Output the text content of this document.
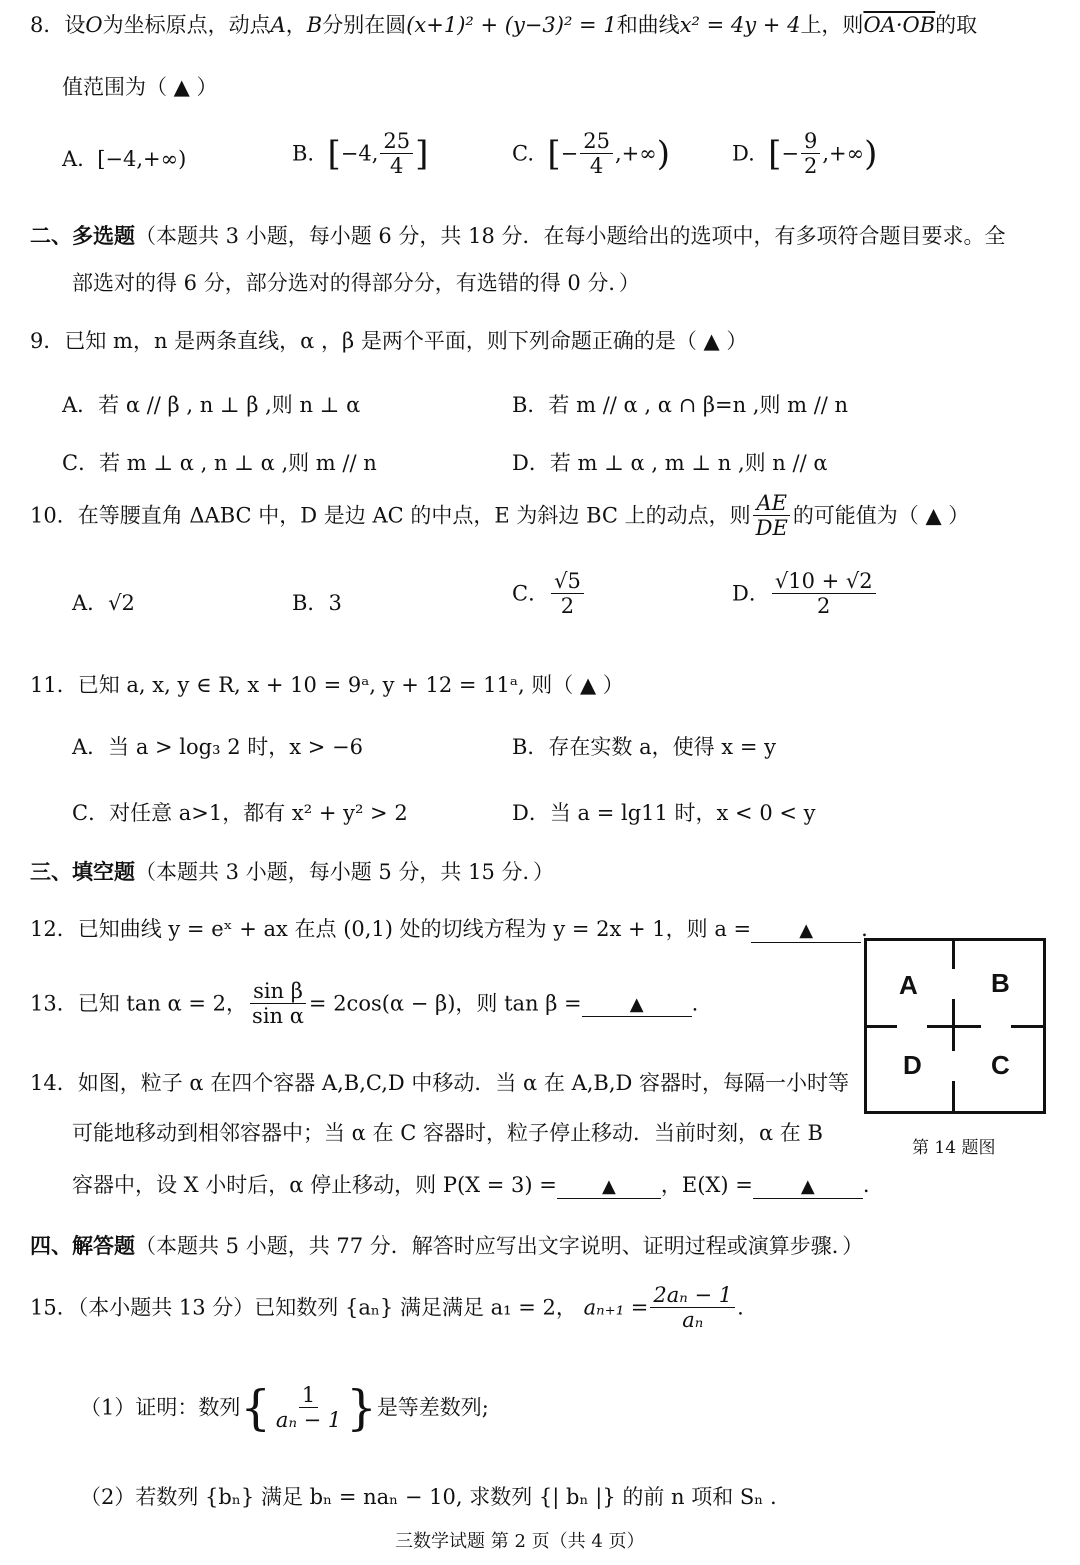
8．设O为坐标原点，动点A，B分别在圆(x+1)² + (y−3)² = 1和曲线x² = 4y + 4上，则OA·OB的取
值范围为（ ▲ ）
A. [−4,+∞)	B. [−4, $\frac{25}{4}$ ]	C. [− $\frac{25}{4}$ ,+∞)	D. [− $\frac{9}{2}$ ,+∞)
二、多选题（本题共 3 小题，每小题 6 分，共 18 分．在每小题给出的选项中，有多项符合题目要求。全
部选对的得 6 分，部分选对的得部分分，有选错的得 0 分．）
9．已知 m，n 是两条直线，α ，β 是两个平面，则下列命题正确的是（ ▲ ）
A．若 α // β , n ⊥ β ,则 n ⊥ α	B．若 m // α , α ∩ β=n ,则 m // n
C．若 m ⊥ α , n ⊥ α ,则 m // n	D．若 m ⊥ α , m ⊥ n ,则 n // α
10．在等腰直角 ΔABC 中，D 是边 AC 的中点，E 为斜边 BC 上的动点，则 $\frac{AE}{DE}$ 的可能值为（ ▲ ）
A．√2	B．3	C． $\frac{√5}{2}$	D． $\frac{√10 + √2}{2}$
11．已知 a, x, y ∈ R, x + 10 = 9ᵃ, y + 12 = 11ᵃ, 则（ ▲ ）
A．当 a > log₃ 2 时，x > −6	B．存在实数 a，使得 x = y
C．对任意 a>1，都有 x² + y² > 2	D．当 a = lg11 时，x < 0 < y
三、填空题（本题共 3 小题，每小题 5 分，共 15 分．）
12．已知曲线 y = eˣ + ax 在点 (0,1) 处的切线方程为 y = 2x + 1，则 a =	▲ .
13．已知 tan α = 2， $\frac{\text{sin β}}{\text{sin α}} = 2\cos(\alpha - \beta)$，则 tan β =	▲ .
14．如图，粒子 α 在四个容器 A,B,C,D 中移动．当 α 在 A,B,D 容器时，每隔一小时等
可能地移动到相邻容器中；当 α 在 C 容器时，粒子停止移动．当前时刻，α 在 B
容器中，设 X 小时后，α 停止移动，则 P(X = 3) =	▲ ，E(X) =	▲ .
A	B
D	C
第 14 题图
四、解答题（本题共 5 小题，共 77 分．解答时应写出文字说明、证明过程或演算步骤．）
15．（本小题共 13 分）已知数列 {aₙ} 满足满足 a₁ = 2， $a_{n+1} = \frac{\text{2aₙ − 1}}{\text{aₙ}}$ .
（1）证明：数列{ $\frac{1}{\text{aₙ − 1}}$ }是等差数列;
（2）若数列 {bₙ} 满足 bₙ = naₙ − 10, 求数列 {| bₙ |} 的前 n 项和 Sₙ .
三数学试题 第 2 页（共 4 页）
